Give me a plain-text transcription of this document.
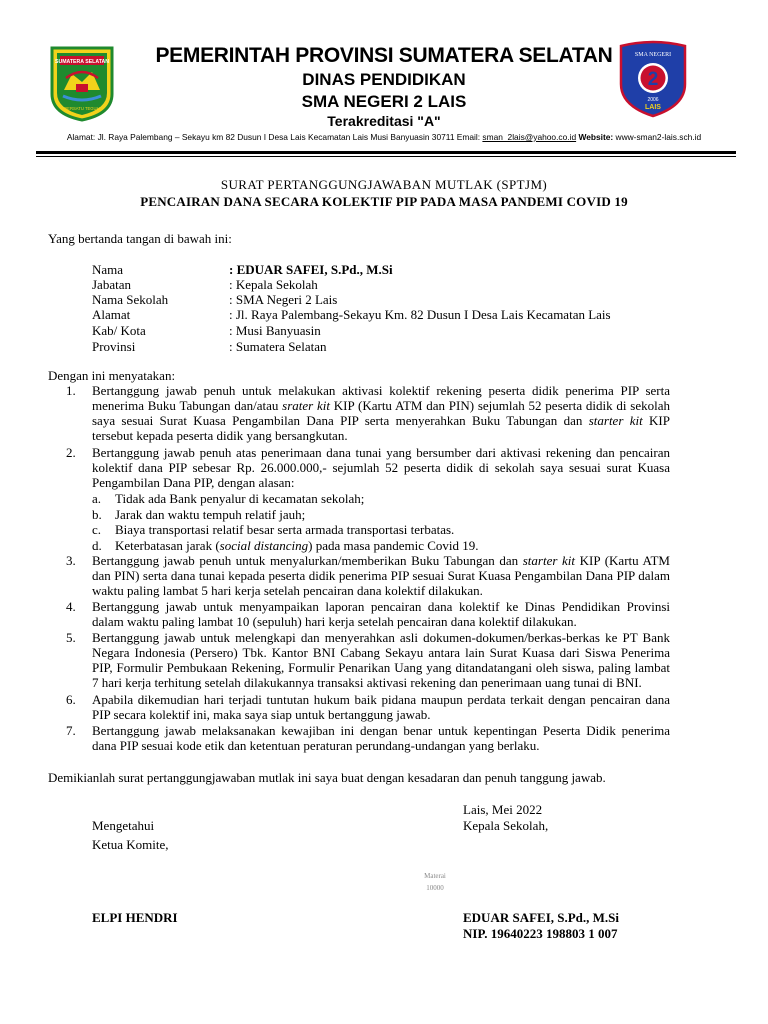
SUMATERA SELATAN
BERSATU TEGUH
SMA NEGERI
2
2006
LAIS
PEMERINTAH PROVINSI SUMATERA SELATAN
DINAS PENDIDIKAN
SMA NEGERI 2 LAIS
Terakreditasi "A"
Alamat: Jl. Raya Palembang – Sekayu km 82 Dusun I Desa Lais Kecamatan Lais Musi Banyuasin 30711 Email: sman_2lais@yahoo.co.id Website: www-sman2-lais.sch.id
SURAT PERTANGGUNGJAWABAN MUTLAK (SPTJM)
PENCAIRAN DANA SECARA KOLEKTIF PIP PADA MASA PANDEMI COVID 19
Yang bertanda tangan di bawah ini:
Nama	: EDUAR SAFEI, S.Pd., M.Si
Jabatan	: Kepala Sekolah
Nama Sekolah	: SMA Negeri 2 Lais
Alamat	: Jl. Raya Palembang-Sekayu Km. 82 Dusun I Desa Lais Kecamatan Lais
Kab/ Kota	: Musi Banyuasin
Provinsi	: Sumatera Selatan
Dengan ini menyatakan:
1.	Bertanggung jawab penuh untuk melakukan aktivasi kolektif rekening peserta didik penerima PIP serta
menerima Buku Tabungan dan/atau srater kit KIP (Kartu ATM dan PIN) sejumlah 52 peserta didik di sekolah
saya sesuai Surat Kuasa Pengambilan Dana PIP serta menyerahkan Buku Tabungan dan starter kit KIP
tersebut kepada peserta didik yang bersangkutan.
2.	Bertanggung jawab penuh atas penerimaan dana tunai yang bersumber dari aktivasi rekening dan pencairan
kolektif dana PIP sebesar Rp. 26.000.000,- sejumlah 52 peserta didik di sekolah saya sesuai surat Kuasa
Pengambilan Dana PIP, dengan alasan:
a. Tidak ada Bank penyalur di kecamatan sekolah;
b. Jarak dan waktu tempuh relatif jauh;
c. Biaya transportasi relatif besar serta armada transportasi terbatas.
d. Keterbatasan jarak (social distancing) pada masa pandemic Covid 19.
3.	Bertanggung jawab penuh untuk menyalurkan/memberikan Buku Tabungan dan starter kit KIP (Kartu ATM
dan PIN) serta dana tunai kepada peserta didik penerima PIP sesuai Surat Kuasa Pengambilan Dana PIP dalam
waktu paling lambat 5 hari kerja setelah pencairan dana kolektif dilakukan.
4.	Bertanggung jawab untuk menyampaikan laporan pencairan dana kolektif ke Dinas Pendidikan Provinsi
dalam waktu paling lambat 10 (sepuluh) hari kerja setelah pencairan dana kolektif dilakukan.
5.	Bertanggung jawab untuk melengkapi dan menyerahkan asli dokumen-dokumen/berkas-berkas ke PT Bank
Negara Indonesia (Persero) Tbk. Kantor BNI Cabang Sekayu antara lain Surat Kuasa dari Siswa Penerima
PIP, Formulir Pembukaan Rekening, Formulir Penarikan Uang yang ditandatangani oleh siswa, paling lambat
7 hari kerja terhitung setelah dilakukannya transaksi aktivasi rekening dan penerimaan uang tunai di BNI.
6.	Apabila dikemudian hari terjadi tuntutan hukum baik pidana maupun perdata terkait dengan pencairan dana
PIP secara kolektif ini, maka saya siap untuk bertanggung jawab.
7.	Bertanggung jawab melaksanakan kewajiban ini dengan benar untuk kepentingan Peserta Didik penerima
dana PIP sesuai kode etik dan ketentuan peraturan perundang-undangan yang berlaku.
Demikianlah surat pertanggungjawaban mutlak ini saya buat dengan kesadaran dan penuh tanggung jawab.
Lais, Mei 2022
Mengetahui	Kepala Sekolah,
Ketua Komite,
Materai
10000
ELPI HENDRI	EDUAR SAFEI, S.Pd., M.Si
NIP. 19640223 198803 1 007
